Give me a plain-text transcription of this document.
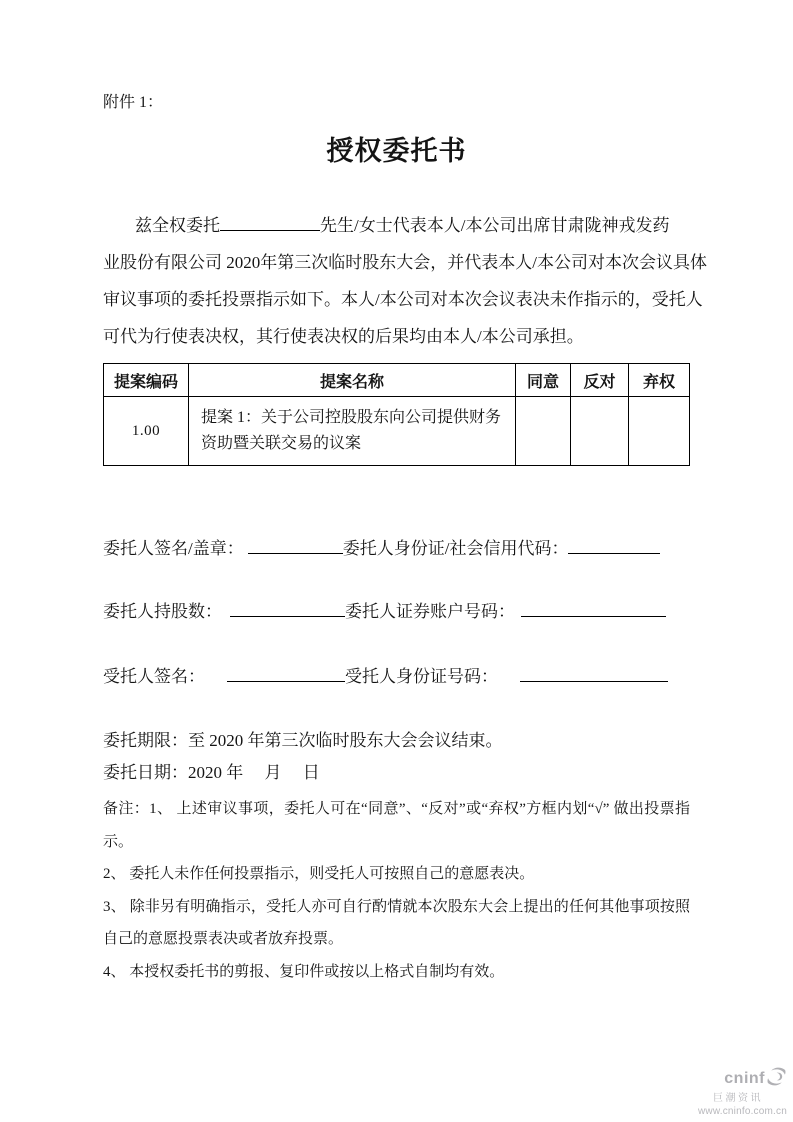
附件 1：
授权委托书
兹全权委托	先生/女士代表本人/本公司出席甘肃陇神戎发药
业股份有限公司 2020年第三次临时股东大会，并代表本人/本公司对本次会议具体
审议事项的委托投票指示如下。本人/本公司对本次会议表决未作指示的，受托人
可代为行使表决权，其行使表决权的后果均由本人/本公司承担。
提案编码	提案名称	同意	反对	弃权
1.00	提案 1：关于公司控股股东向公司提供财务资助暨关联交易的议案			
委托人签名/盖章：	委托人身份证/社会信用代码：
委托人持股数：	委托人证券账户号码：
受托人签名：	受托人身份证号码：
委托期限：至 2020 年第三次临时股东大会会议结束。
委托日期：2020 年　 月　 日
备注：1、 上述审议事项，委托人可在“同意”、“反对”或“弃权”方框内划“√” 做出投票指示。
2、 委托人未作任何投票指示，则受托人可按照自己的意愿表决。
3、 除非另有明确指示，受托人亦可自行酌情就本次股东大会上提出的任何其他事项按照自己的意愿投票表决或者放弃投票。
4、 本授权委托书的剪报、复印件或按以上格式自制均有效。
cninf
巨潮资讯
www.cninfo.com.cn
